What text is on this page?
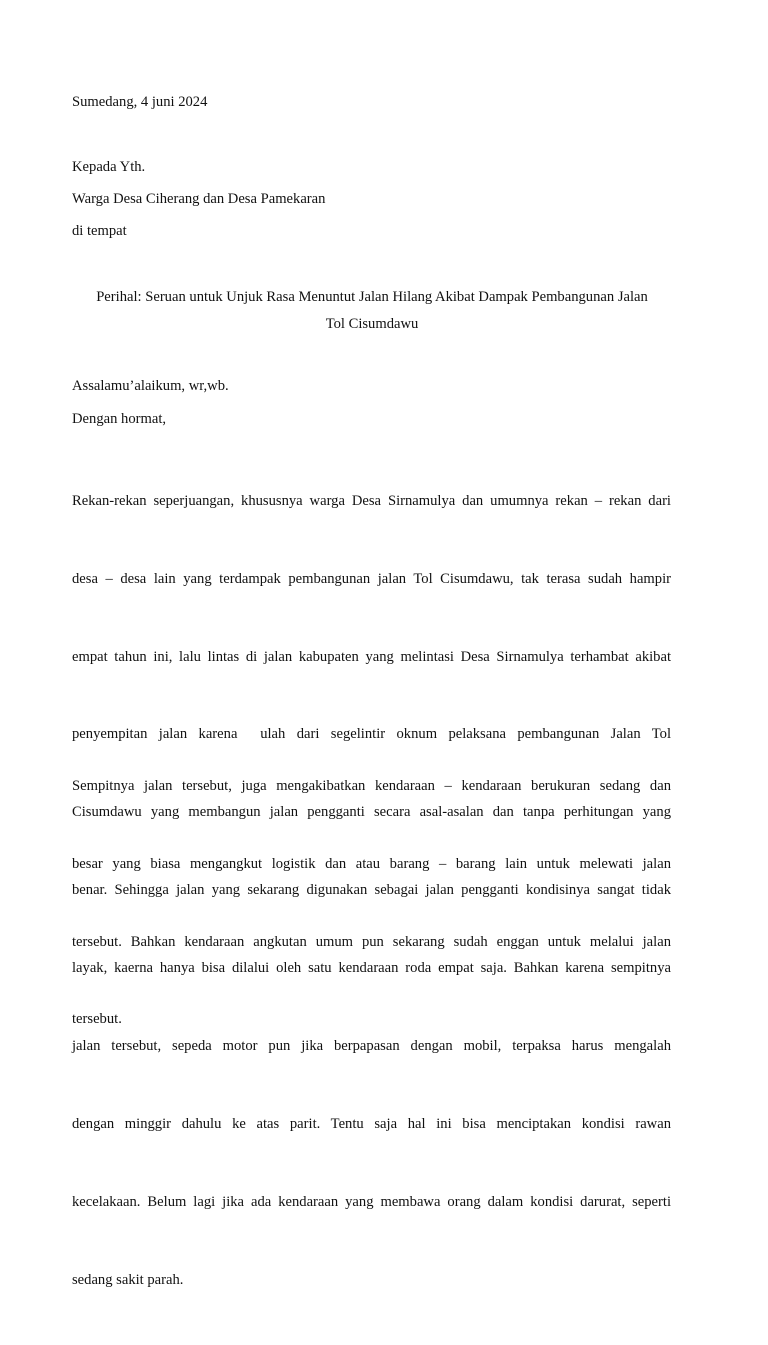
Sumedang, 4 juni 2024
Kepada Yth.
Warga Desa Ciherang dan Desa Pamekaran
di tempat
Perihal: Seruan untuk Unjuk Rasa Menuntut Jalan Hilang Akibat Dampak Pembangunan Jalan
Tol Cisumdawu
Assalamu’alaikum, wr,wb.
Dengan hormat,

Rekan-rekan seperjuangan, khususnya warga Desa Sirnamulya dan umumnya rekan – rekan dari

desa – desa lain yang terdampak pembangunan jalan Tol Cisumdawu, tak terasa sudah hampir

empat tahun ini, lalu lintas di jalan kabupaten yang melintasi Desa Sirnamulya terhambat akibat

penyempitan jalan karena  ulah dari segelintir oknum pelaksana pembangunan Jalan Tol

Cisumdawu yang membangun jalan pengganti secara asal-asalan dan tanpa perhitungan yang

benar. Sehingga jalan yang sekarang digunakan sebagai jalan pengganti kondisinya sangat tidak

layak, kaerna hanya bisa dilalui oleh satu kendaraan roda empat saja. Bahkan karena sempitnya

jalan tersebut, sepeda motor pun jika berpapasan dengan mobil, terpaksa harus mengalah

dengan minggir dahulu ke atas parit. Tentu saja hal ini bisa menciptakan kondisi rawan

kecelakaan. Belum lagi jika ada kendaraan yang membawa orang dalam kondisi darurat, seperti

sedang sakit parah.

Sempitnya jalan tersebut, juga mengakibatkan kendaraan – kendaraan berukuran sedang dan

besar yang biasa mengangkut logistik dan atau barang – barang lain untuk melewati jalan

tersebut. Bahkan kendaraan angkutan umum pun sekarang sudah enggan untuk melalui jalan

tersebut.
